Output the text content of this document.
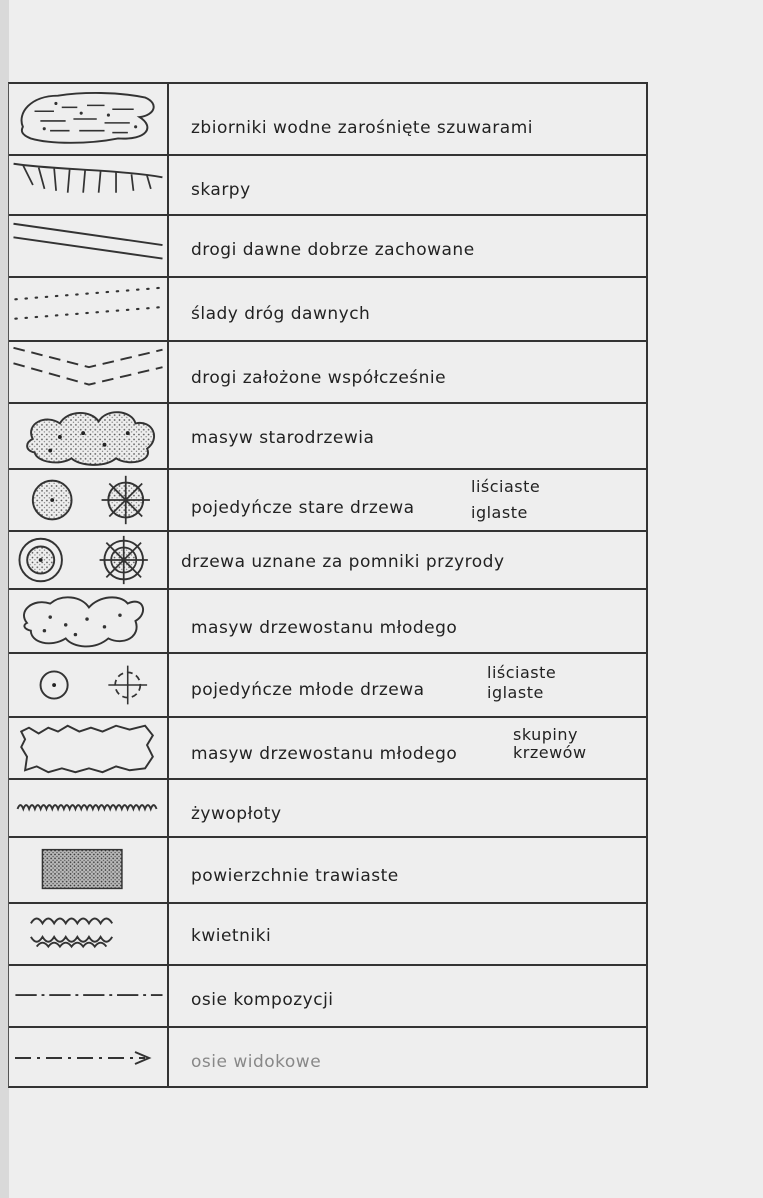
zbiorniki wodne zarośnięte szuwarami
skarpy
drogi dawne dobrze zachowane
ślady dróg dawnych
drogi założone współcześnie
masyw starodrzewia
pojedyńcze stare drzewa
liściaste
iglaste
drzewa uznane za pomniki przyrody
masyw drzewostanu młodego
pojedyńcze młode drzewa
liściaste
iglaste
masyw drzewostanu młodego
skupiny
krzewów
żywopłoty
powierzchnie trawiaste
kwietniki
osie kompozycji
osie widokowe
